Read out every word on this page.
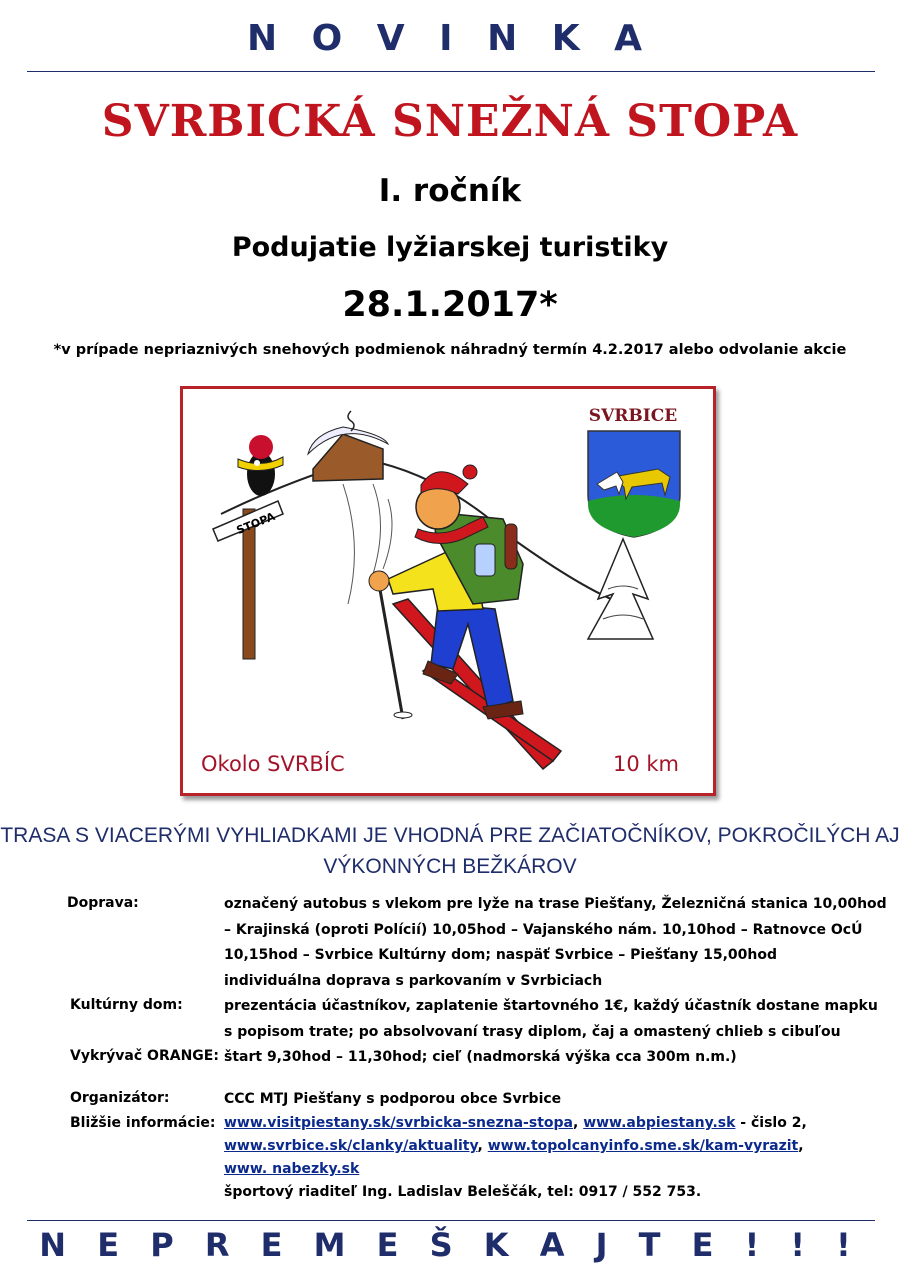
N O V I N K A
SVRBICKÁ SNEŽNÁ STOPA
I. ročník
Podujatie lyžiarskej turistiky
28.1.2017*
*v prípade nepriaznivých snehových podmienok náhradný termín 4.2.2017 alebo odvolanie akcie
STOPA
SVRBICE
Okolo SVRBÍC	10 km
TRASA S VIACERÝMI VYHLIADKAMI JE VHODNÁ PRE ZAČIATOČNÍKOV, POKROČILÝCH AJ
VÝKONNÝCH BEŽKÁROV
Doprava:	označený autobus s vlekom pre lyže na trase Piešťany, Železničná stanica 10,00hod
– Krajinská (oproti Polícií) 10,05hod – Vajanského nám. 10,10hod – Ratnovce OcÚ
10,15hod – Svrbice Kultúrny dom; naspäť Svrbice – Piešťany 15,00hod
individuálna doprava s parkovaním v Svrbiciach
Kultúrny dom:	prezentácia účastníkov, zaplatenie štartovného 1€, každý účastník dostane mapku
s popisom trate; po absolvovaní trasy diplom, čaj a omastený chlieb s cibuľou
Vykrývač ORANGE: štart 9,30hod – 11,30hod; cieľ (nadmorská výška cca 300m n.m.)
Organizátor:	CCC MTJ Piešťany s podporou obce Svrbice
Bližšie informácie: www.visitpiestany.sk/svrbicka-snezna-stopa, www.abpiestany.sk - čislo 2,
www.svrbice.sk/clanky/aktuality, www.topolcanyinfo.sme.sk/kam-vyrazit,
www. nabezky.sk
športový riaditeľ Ing. Ladislav Beleščák, tel: 0917 / 552 753.
N E P R E M E Š K A J T E ! ! !
